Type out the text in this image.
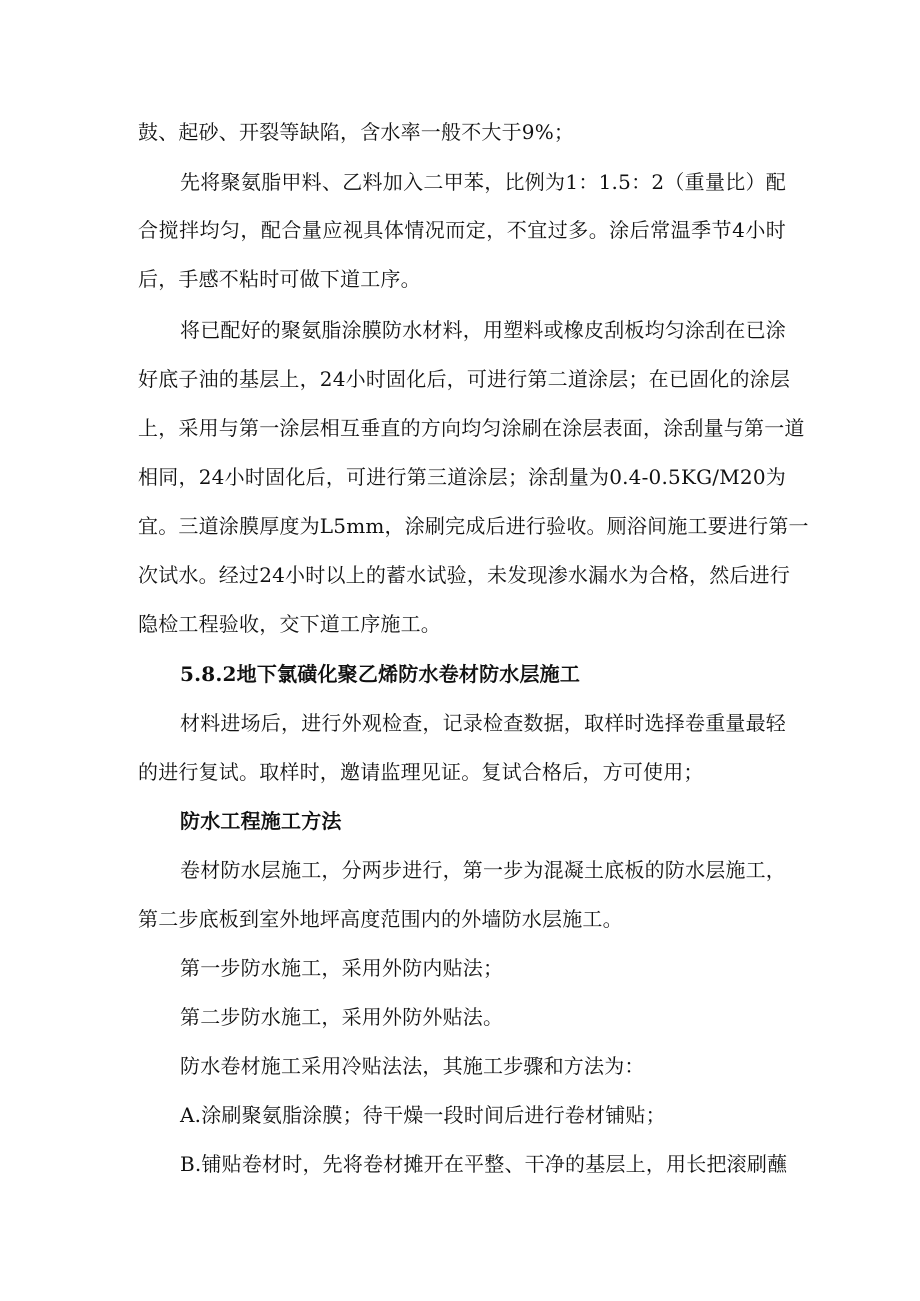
鼓、起砂、开裂等缺陷，含水率一般不大于9%；

先将聚氨脂甲料、乙料加入二甲苯，比例为1：1.5：2（重量比）配

合搅拌均匀，配合量应视具体情况而定，不宜过多。涂后常温季节4小时

后，手感不粘时可做下道工序。

将已配好的聚氨脂涂膜防水材料，用塑料或橡皮刮板均匀涂刮在已涂

好底子油的基层上，24小时固化后，可进行第二道涂层；在已固化的涂层

上，采用与第一涂层相互垂直的方向均匀涂刷在涂层表面，涂刮量与第一道

相同，24小时固化后，可进行第三道涂层；涂刮量为0.4-0.5KG/M20为

宜。三道涂膜厚度为L5mm，涂刷完成后进行验收。厕浴间施工要进行第一

次试水。经过24小时以上的蓄水试验，未发现渗水漏水为合格，然后进行

隐检工程验收，交下道工序施工。

5.8.2地下氯磺化聚乙烯防水卷材防水层施工

材料进场后，进行外观检查，记录检查数据，取样时选择卷重量最轻

的进行复试。取样时，邀请监理见证。复试合格后，方可使用；

防水工程施工方法

卷材防水层施工，分两步进行，第一步为混凝土底板的防水层施工，

第二步底板到室外地坪高度范围内的外墙防水层施工。

第一步防水施工，采用外防内贴法；

第二步防水施工，采用外防外贴法。

防水卷材施工采用冷贴法法，其施工步骤和方法为：

A.涂刷聚氨脂涂膜；待干燥一段时间后进行卷材铺贴；

B.铺贴卷材时，先将卷材摊开在平整、干净的基层上，用长把滚刷蘸
